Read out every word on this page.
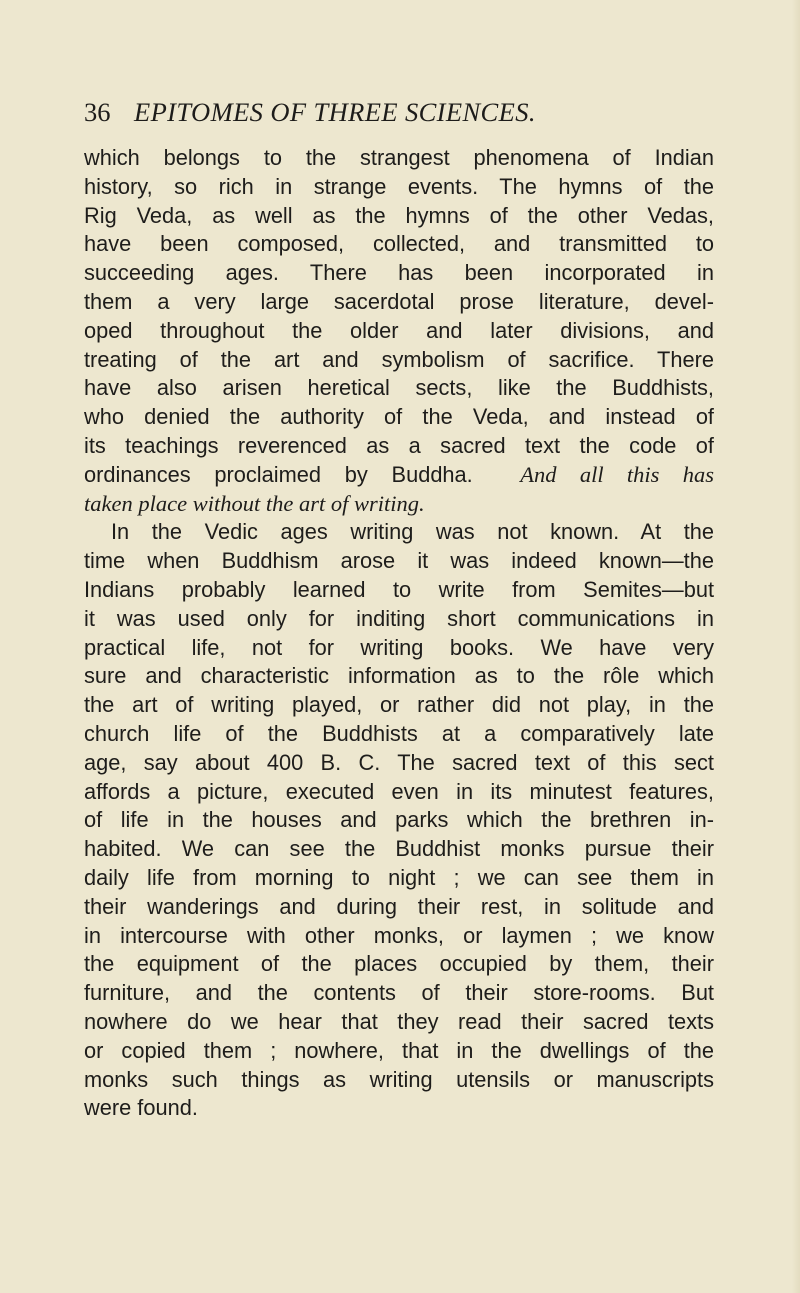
36 EPITOMES OF THREE SCIENCES.
which belongs to the strangest phenomena of Indian
history, so rich in strange events. The hymns of the
Rig Veda, as well as the hymns of the other Vedas,
have been composed, collected, and transmitted to
succeeding ages. There has been incorporated in
them a very large sacerdotal prose literature, devel-
oped throughout the older and later divisions, and
treating of the art and symbolism of sacrifice. There
have also arisen heretical sects, like the Buddhists,
who denied the authority of the Veda, and instead of
its teachings reverenced as a sacred text the code of
ordinances proclaimed by Buddha. And all this has
taken place without the art of writing.
In the Vedic ages writing was not known. At the
time when Buddhism arose it was indeed known—the
Indians probably learned to write from Semites—but
it was used only for inditing short communications in
practical life, not for writing books. We have very
sure and characteristic information as to the rôle which
the art of writing played, or rather did not play, in the
church life of the Buddhists at a comparatively late
age, say about 400 B. C. The sacred text of this sect
affords a picture, executed even in its minutest features,
of life in the houses and parks which the brethren in-
habited. We can see the Buddhist monks pursue their
daily life from morning to night ; we can see them in
their wanderings and during their rest, in solitude and
in intercourse with other monks, or laymen ; we know
the equipment of the places occupied by them, their
furniture, and the contents of their store-rooms. But
nowhere do we hear that they read their sacred texts
or copied them ; nowhere, that in the dwellings of the
monks such things as writing utensils or manuscripts
were found.
